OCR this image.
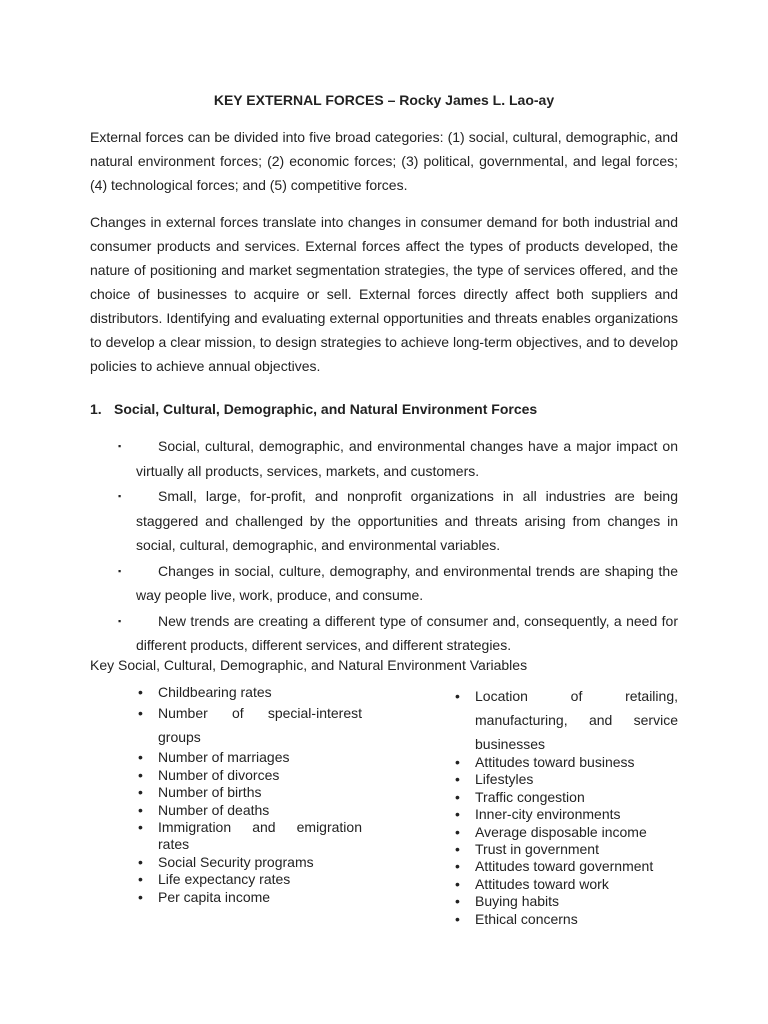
KEY EXTERNAL FORCES – Rocky James L. Lao-ay

External forces can be divided into five broad categories: (1) social, cultural, demographic, and natural environment forces; (2) economic forces; (3) political, governmental, and legal forces; (4) technological forces; and (5) competitive forces.

Changes in external forces translate into changes in consumer demand for both industrial and consumer products and services. External forces affect the types of products developed, the nature of positioning and market segmentation strategies, the type of services offered, and the choice of businesses to acquire or sell. External forces directly affect both suppliers and distributors. Identifying and evaluating external opportunities and threats enables organizations to develop a clear mission, to design strategies to achieve long-term objectives, and to develop policies to achieve annual objectives.

1. Social, Cultural, Demographic, and Natural Environment Forces
▪	Social, cultural, demographic, and environmental changes have a major impact on virtually all products, services, markets, and customers.
▪	Small, large, for-profit, and nonprofit organizations in all industries are being staggered and challenged by the opportunities and threats arising from changes in social, cultural, demographic, and environmental variables.
▪	Changes in social, culture, demography, and environmental trends are shaping the way people live, work, produce, and consume.
▪	New trends are creating a different type of consumer and, consequently, a need for different products, different services, and different strategies.
Key Social, Cultural, Demographic, and Natural Environment Variables
• Childbearing rates
• Number of special-interest groups
• Number of marriages
• Number of divorces
• Number of births
• Number of deaths
• Immigration and emigration rates
• Social Security programs
• Life expectancy rates
• Per capita income
• Location of retailing, manufacturing, and service businesses
• Attitudes toward business
• Lifestyles
• Traffic congestion
• Inner-city environments
• Average disposable income
• Trust in government
• Attitudes toward government
• Attitudes toward work
• Buying habits
• Ethical concerns
